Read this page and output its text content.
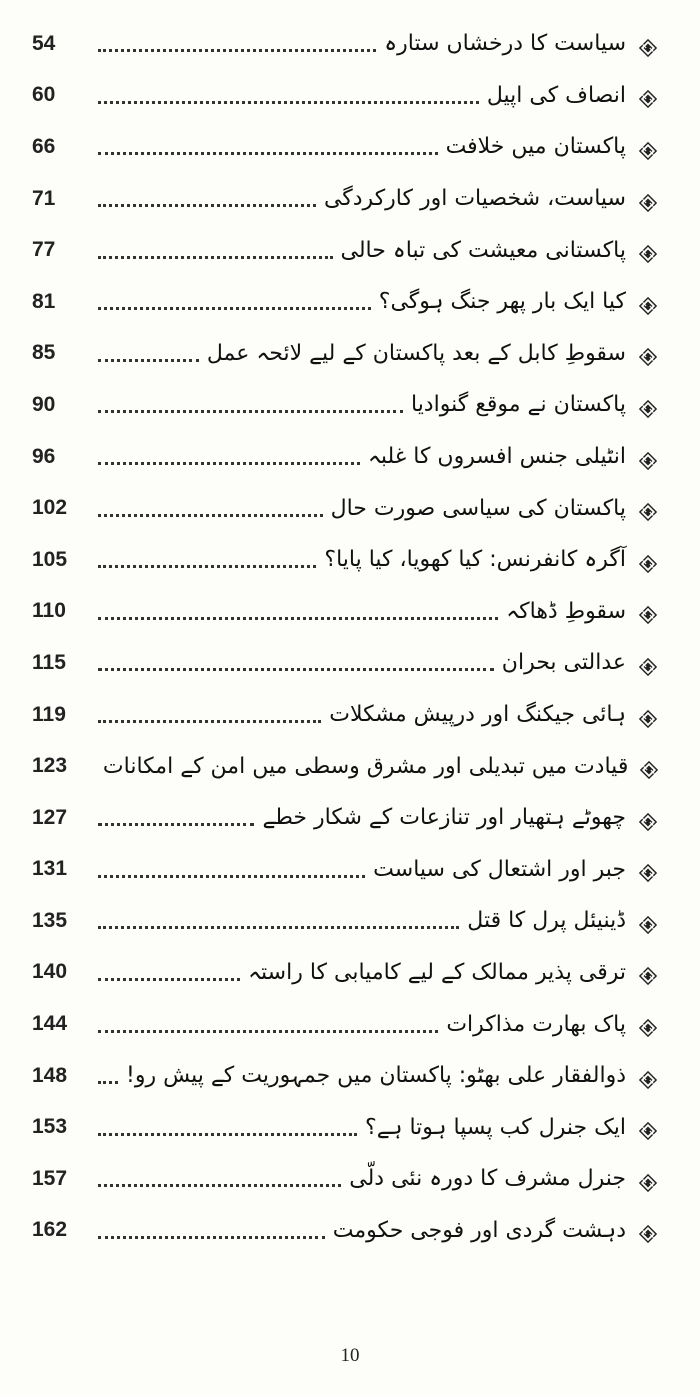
54	سیاست کا درخشاں ستارہ
60	انصاف کی اپیل
66	پاکستان میں خلافت
71	سیاست، شخصیات اور کارکردگی
77	پاکستانی معیشت کی تباہ حالی
81	کیا ایک بار پھر جنگ ہوگی؟
85	سقوطِ کابل کے بعد پاکستان کے لیے لائحہ عمل
90	پاکستان نے موقع گنوادیا
96	انٹیلی جنس افسروں کا غلبہ
102	پاکستان کی سیاسی صورت حال
105	آگرہ کانفرنس: کیا کھویا، کیا پایا؟
110	سقوطِ ڈھاکہ
115	عدالتی بحران
119	ہائی جیکنگ اور درپیش مشکلات
123	قیادت میں تبدیلی اور مشرق وسطی میں امن کے امکانات
127	چھوٹے ہتھیار اور تنازعات کے شکار خطے
131	جبر اور اشتعال کی سیاست
135	ڈینیئل پرل کا قتل
140	ترقی پذیر ممالک کے لیے کامیابی کا راستہ
144	پاک بھارت مذاکرات
148	ذوالفقار علی بھٹو: پاکستان میں جمہوریت کے پیش رو!
153	ایک جنرل کب پسپا ہوتا ہے؟
157	جنرل مشرف کا دورہ نئی دلّی
162	دہشت گردی اور فوجی حکومت
10
